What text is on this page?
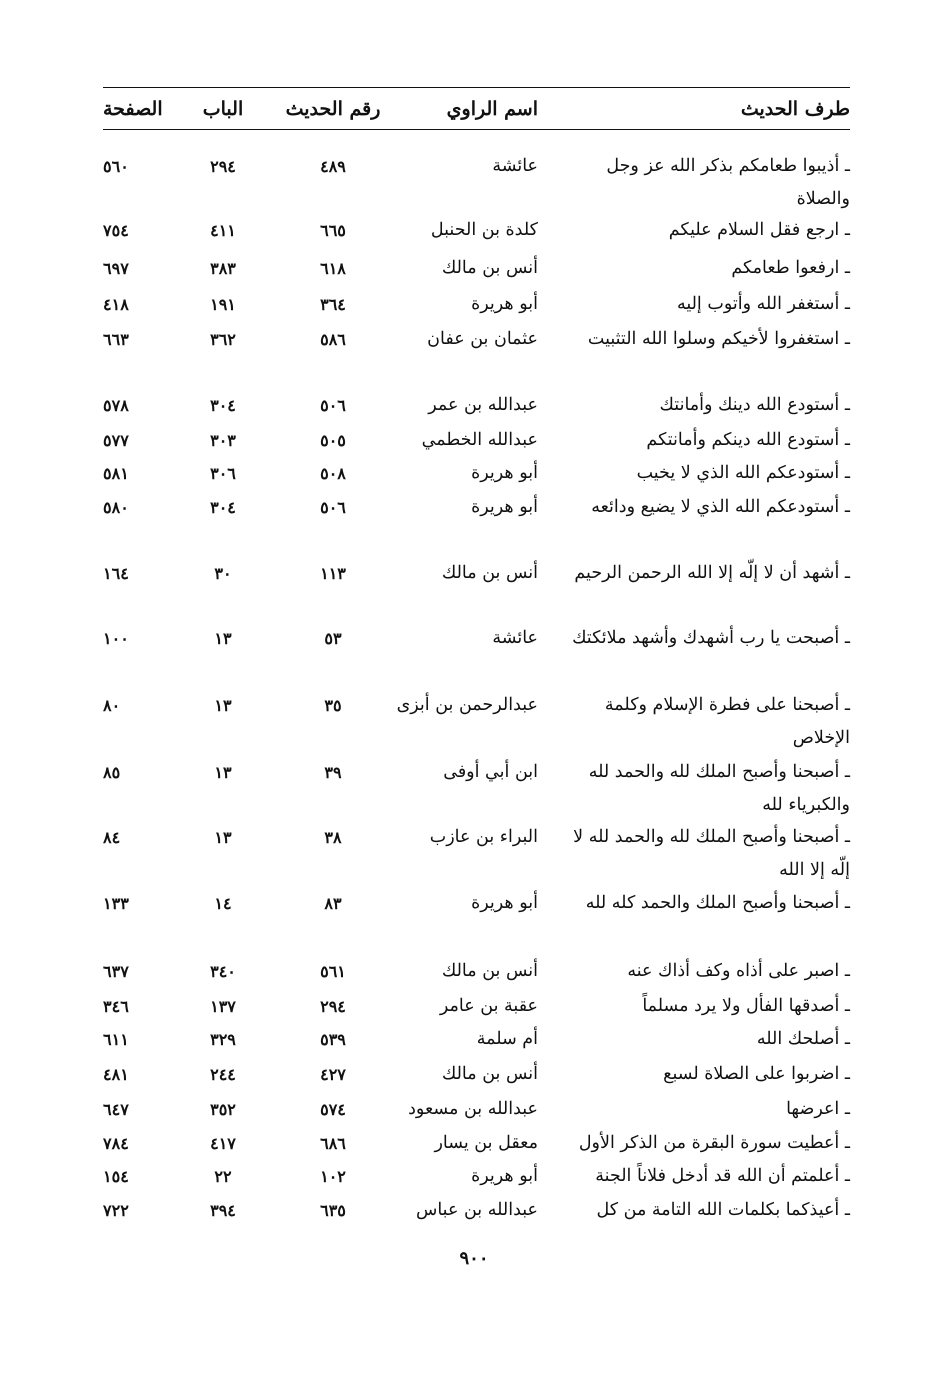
طرف الحديث
اسم الراوي
رقم الحديث
الباب
الصفحة
ـ أذيبوا طعامكم بذكر الله عز وجل والصلاة
عائشة
٤٨٩
٢٩٤
٥٦٠
ـ ارجع فقل السلام عليكم
كلدة بن الحنبل
٦٦٥
٤١١
٧٥٤
ـ ارفعوا طعامكم
أنس بن مالك
٦١٨
٣٨٣
٦٩٧
ـ أستغفر الله وأتوب إليه
أبو هريرة
٣٦٤
١٩١
٤١٨
ـ استغفروا لأخيكم وسلوا الله التثبيت
عثمان بن عفان
٥٨٦
٣٦٢
٦٦٣
ـ أستودع الله دينك وأمانتك
عبدالله بن عمر
٥٠٦
٣٠٤
٥٧٨
ـ أستودع الله دينكم وأمانتكم
عبدالله الخطمي
٥٠٥
٣٠٣
٥٧٧
ـ أستودعكم الله الذي لا يخيب
أبو هريرة
٥٠٨
٣٠٦
٥٨١
ـ أستودعكم الله الذي لا يضيع ودائعه
أبو هريرة
٥٠٦
٣٠٤
٥٨٠
ـ أشهد أن لا إلّه إلا الله الرحمن الرحيم
أنس بن مالك
١١٣
٣٠
١٦٤
ـ أصبحت يا رب أشهدك وأشهد ملائكتك
عائشة
٥٣
١٣
١٠٠
ـ أصبحنا على فطرة الإسلام وكلمة الإخلاص
عبدالرحمن بن أبزى
٣٥
١٣
٨٠
ـ أصبحنا وأصبح الملك لله والحمد لله والكبرياء لله
ابن أبي أوفى
٣٩
١٣
٨٥
ـ أصبحنا وأصبح الملك لله والحمد لله لا إلّه إلا الله
البراء بن عازب
٣٨
١٣
٨٤
ـ أصبحنا وأصبح الملك والحمد كله لله
أبو هريرة
٨٣
١٤
١٣٣
ـ اصبر على أذاه وكف أذاك عنه
أنس بن مالك
٥٦١
٣٤٠
٦٣٧
ـ أصدقها الفأل ولا يرد مسلماً
عقبة بن عامر
٢٩٤
١٣٧
٣٤٦
ـ أصلحك الله
أم سلمة
٥٣٩
٣٢٩
٦١١
ـ اضربوا على الصلاة لسبع
أنس بن مالك
٤٢٧
٢٤٤
٤٨١
ـ اعرضها
عبدالله بن مسعود
٥٧٤
٣٥٢
٦٤٧
ـ أعطيت سورة البقرة من الذكر الأول
معقل بن يسار
٦٨٦
٤١٧
٧٨٤
ـ أعلمتم أن الله قد أدخل فلاناً الجنة
أبو هريرة
١٠٢
٢٢
١٥٤
ـ أعيذكما بكلمات الله التامة من كل
عبدالله بن عباس
٦٣٥
٣٩٤
٧٢٢
٩٠٠
